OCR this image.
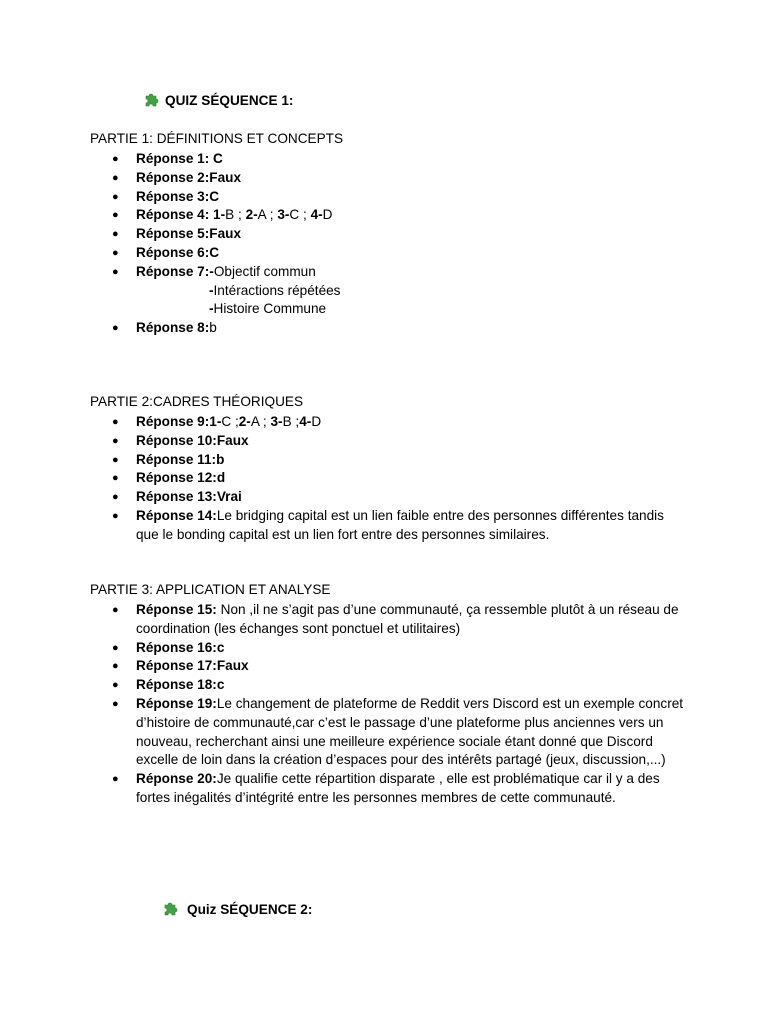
QUIZ SÉQUENCE 1:
PARTIE 1: DÉFINITIONS ET CONCEPTS
● Réponse 1: C
● Réponse 2:Faux
● Réponse 3:C
● Réponse 4: 1-B ; 2-A ; 3-C ; 4-D
● Réponse 5:Faux
● Réponse 6:C
● Réponse 7:-Objectif commun
-Intéractions répétées
-Histoire Commune
● Réponse 8:b
PARTIE 2:CADRES THÉORIQUES
● Réponse 9:1-C ;2-A ; 3-B ;4-D
● Réponse 10:Faux
● Réponse 11:b
● Réponse 12:d
● Réponse 13:Vrai
● Réponse 14:Le bridging capital est un lien faible entre des personnes différentes tandis que le bonding capital est un lien fort entre des personnes similaires.
PARTIE 3: APPLICATION ET ANALYSE
● Réponse 15: Non ,il ne s’agit pas d’une communauté, ça ressemble plutôt à un réseau de coordination (les échanges sont ponctuel et utilitaires)
● Réponse 16:c
● Réponse 17:Faux
● Réponse 18:c
● Réponse 19:Le changement de plateforme de Reddit vers Discord est un exemple concret d’histoire de communauté,car c’est le passage d’une plateforme plus anciennes vers un nouveau, recherchant ainsi une meilleure expérience sociale étant donné que Discord excelle de loin dans la création d’espaces pour des intérêts partagé (jeux, discussion,...)
● Réponse 20:Je qualifie cette répartition disparate , elle est problématique car il y a des fortes inégalités d’intégrité entre les personnes membres de cette communauté.
Quiz SÉQUENCE 2:
